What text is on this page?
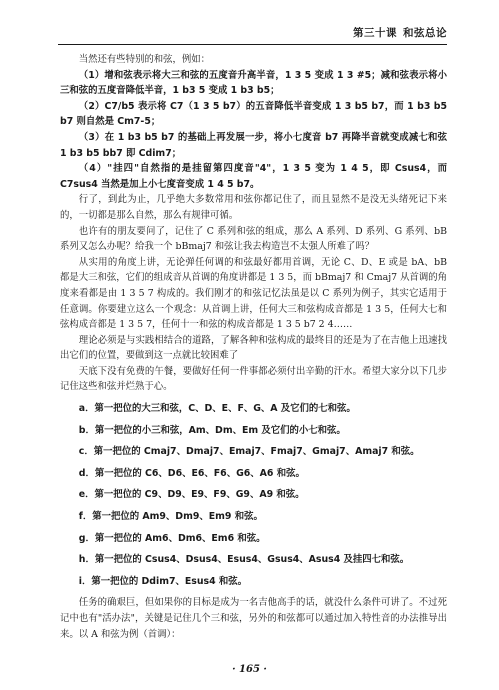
第三十课 和弦总论

当然还有些特别的和弦，例如：

（1）增和弦表示将大三和弦的五度音升高半音，1 3 5 变成 1 3 #5；减和弦表示将小三和弦的五度音降低半音，1 b3 5 变成 1 b3 b5；

（2）C7/b5 表示将 C7（1 3 5 b7）的五音降低半音变成 1 3 b5 b7，而 1 b3 b5 b7 则自然是 Cm7-5；

（3）在 1 b3 b5 b7 的基础上再发展一步，将小七度音 b7 再降半音就变成减七和弦 1 b3 b5 bb7 即 Cdim7；

（4）"挂四"自然指的是挂留第四度音"4"，1 3 5 变为 1 4 5，即 Csus4，而 C7sus4 当然是加上小七度音变成 1 4 5 b7。

行了，到此为止，几乎绝大多数常用和弦你都记住了，而且显然不是没无头绪死记下来的，一切都是那么自然，那么有规律可循。

也许有的朋友要问了，记住了 C 系列和弦的组成，那么 A 系列、D 系列、G 系列、bB 系列又怎么办呢？给我一个 bBmaj7 和弦让我去构造岂不太强人所难了吗？

从实用的角度上讲，无论弹任何调的和弦最好都用首调，无论 C、D、E 或是 bA、bB 都是大三和弦，它们的组成音从首调的角度讲都是 1 3 5，而 bBmaj7 和 Cmaj7 从首调的角度来看都是由 1 3 5 7 构成的。我们刚才的和弦记忆法虽是以 C 系列为例子，其实它适用于任意调。你要建立这么一个观念：从首调上讲，任何大三和弦构成音都是 1 3 5，任何大七和弦构成音都是 1 3 5 7，任何十一和弦的构成音都是 1 3 5 b7 2 4……

理论必须是与实践相结合的道路，了解各种和弦构成的最终目的还是为了在吉他上迅速找出它们的位置，要做到这一点就比较困难了

天底下没有免费的午餐，要做好任何一件事都必须付出辛勤的汗水。希望大家分以下几步记住这些和弦并烂熟于心。

a．第一把位的大三和弦，C、D、E、F、G、A 及它们的七和弦。

b．第一把位的小三和弦，Am、Dm、Em 及它们的小七和弦。

c．第一把位的 Cmaj7、Dmaj7、Emaj7、Fmaj7、Gmaj7、Amaj7 和弦。

d．第一把位的 C6、D6、E6、F6、G6、A6 和弦。

e．第一把位的 C9、D9、E9、F9、G9、A9 和弦。

f．第一把位的 Am9、Dm9、Em9 和弦。

g．第一把位的 Am6、Dm6、Em6 和弦。

h．第一把位的 Csus4、Dsus4、Esus4、Gsus4、Asus4 及挂四七和弦。

i．第一把位的 Ddim7、Esus4 和弦。

任务的确艰巨，但如果你的目标是成为一名吉他高手的话，就没什么条件可讲了。不过死记中也有"活办法"，关键是记住几个三和弦，另外的和弦都可以通过加入特性音的办法推导出来。以 A 和弦为例（首调）：

· 165 ·
